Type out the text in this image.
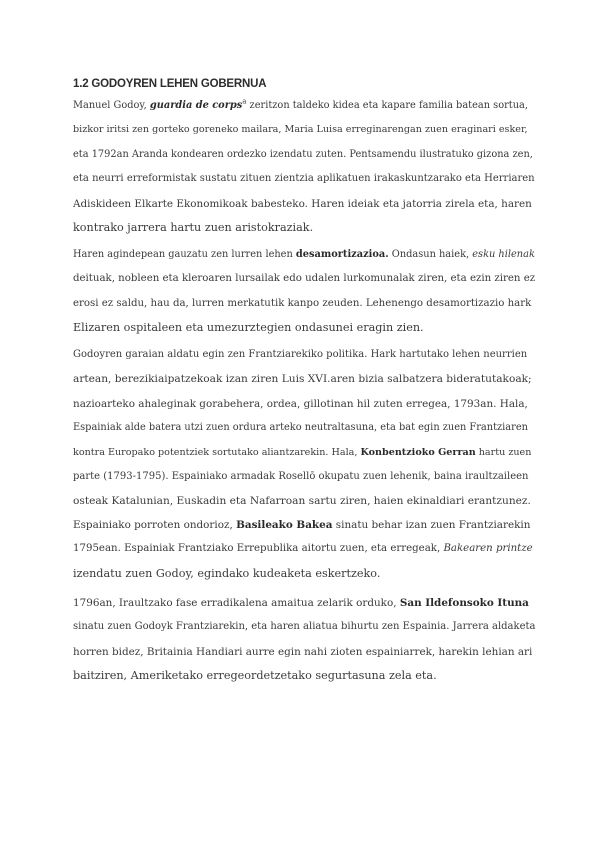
1.2 GODOYREN LEHEN GOBERNUA
Manuel Godoy, guardia de corps$^a$ zeritzon taldeko kidea eta kapare familia batean sortua,
bizkor iritsi zen gorteko goreneko mailara, Maria Luisa erreginarengan zuen eraginari esker,
eta 1792an Aranda kondearen ordezko izendatu zuten. Pentsamendu ilustratuko gizona zen,
eta neurri erreformistak sustatu zituen zientzia aplikatuen irakaskuntzarako eta Herriaren
Adiskideen Elkarte Ekonomikoak babesteko. Haren ideiak eta jatorria zirela eta, haren
kontrako jarrera hartu zuen aristokraziak.
Haren agindepean gauzatu zen lurren lehen desamortizazioa. Ondasun haiek, esku hilenak
deituak, nobleen eta kleroaren lursailak edo udalen lurkomunalak ziren, eta ezin ziren ez
erosi ez saldu, hau da, lurren merkatutik kanpo zeuden. Lehenengo desamortizazio hark
Elizaren ospitaleen eta umezurztegien ondasunei eragin zien.
Godoyren garaian aldatu egin zen Frantziarekiko politika. Hark hartutako lehen neurrien
artean, berezikiaipatzekoak izan ziren Luis XVI.aren bizia salbatzera bideratutakoak;
nazioarteko ahaleginak gorabehera, ordea, gillotinan hil zuten erregea, 1793an. Hala,
Espainiak alde batera utzi zuen ordura arteko neutraltasuna, eta bat egin zuen Frantziaren
kontra Europako potentziek sortutako aliantzarekin. Hala, Konbentzioko Gerran hartu zuen
parte (1793-1795). Espainiako armadak Rosellō okupatu zuen lehenik, baina iraultzaileen
osteak Katalunian, Euskadin eta Nafarroan sartu ziren, haien ekinaldiari erantzunez.
Espainiako porroten ondorioz, Basileako Bakea sinatu behar izan zuen Frantziarekin
1795ean. Espainiak Frantziako Errepublika aitortu zuen, eta erregeak, Bakearen printze
izendatu zuen Godoy, egindako kudeaketa eskertzeko.
1796an, Iraultzako fase erradikalena amaitua zelarik orduko, San Ildefonsoko Ituna
sinatu zuen Godoyk Frantziarekin, eta haren aliatua bihurtu zen Espainia. Jarrera aldaketa
horren bidez, Britainia Handiari aurre egin nahi zioten espainiarrek, harekin lehian ari
baitziren, Ameriketako erregeordetzetako segurtasuna zela eta.
